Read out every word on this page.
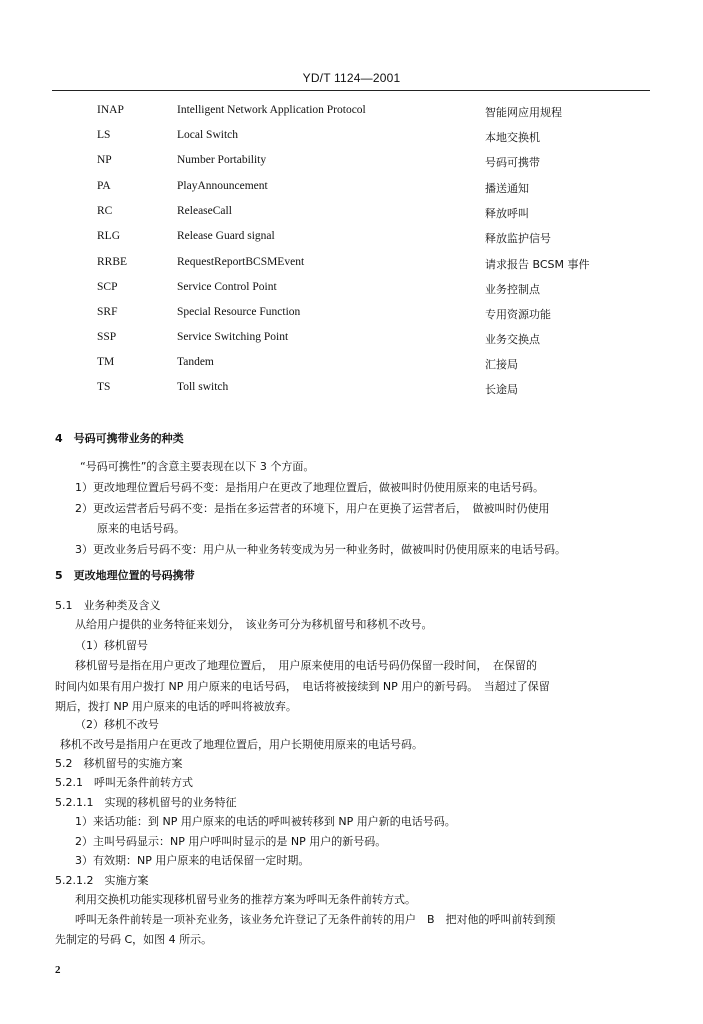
YD/T 1124—2001
INAP	Intelligent Network Application Protocol	智能网应用规程
LS	Local Switch	本地交换机
NP	Number Portability	号码可携带
PA	PlayAnnouncement	播送通知
RC	ReleaseCall	释放呼叫
RLG	Release Guard signal	释放监护信号
RRBE	RequestReportBCSMEvent	请求报告 BCSM 事件
SCP	Service Control Point	业务控制点
SRF	Special Resource Function	专用资源功能
SSP	Service Switching Point	业务交换点
TM	Tandem	汇接局
TS	Toll switch	长途局
4　号码可携带业务的种类
“号码可携性”的含意主要表现在以下 3 个方面。
1）更改地理位置后号码不变：是指用户在更改了地理位置后，做被叫时仍使用原来的电话号码。
2）更改运营者后号码不变：是指在多运营者的环境下，用户在更换了运营者后，　做被叫时仍使用
原来的电话号码。
3）更改业务后号码不变：用户从一种业务转变成为另一种业务时，做被叫时仍使用原来的电话号码。
5　更改地理位置的号码携带
5.1　业务种类及含义
从给用户提供的业务特征来划分，　该业务可分为移机留号和移机不改号。
（1）移机留号
移机留号是指在用户更改了地理位置后，　用户原来使用的电话号码仍保留一段时间，　在保留的
时间内如果有用户拨打 NP 用户原来的电话号码，　电话将被接续到 NP 用户的新号码。　当超过了保留
期后，拨打 NP 用户原来的电话的呼叫将被放弃。
（2）移机不改号
移机不改号是指用户在更改了地理位置后，用户长期使用原来的电话号码。
5.2　移机留号的实施方案
5.2.1　呼叫无条件前转方式
5.2.1.1　实现的移机留号的业务特征
1）来话功能：到 NP 用户原来的电话的呼叫被转移到 NP 用户新的电话号码。
2）主叫号码显示：NP 用户呼叫时显示的是 NP 用户的新号码。
3）有效期：NP 用户原来的电话保留一定时期。
5.2.1.2　实施方案
利用交换机功能实现移机留号业务的推荐方案为呼叫无条件前转方式。
呼叫无条件前转是一项补充业务，该业务允许登记了无条件前转的用户　B　把对他的呼叫前转到预
先制定的号码 C，如图 4 所示。
2
